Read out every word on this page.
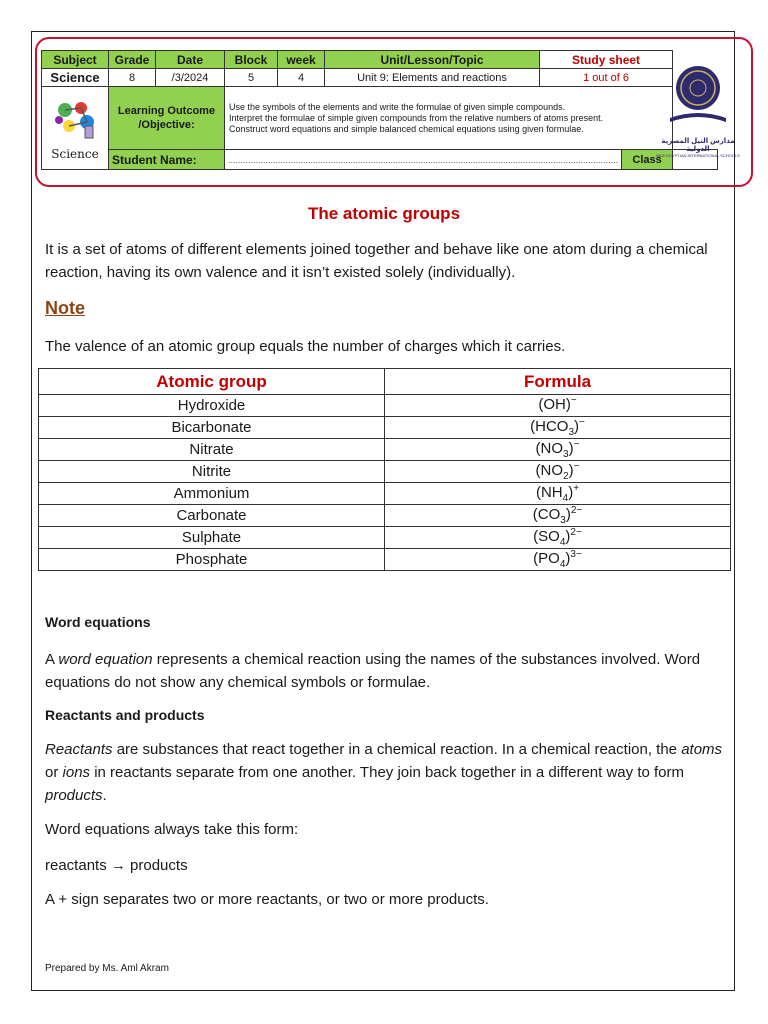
Subject	Grade	Date	Block	week	Unit/Lesson/Topic	Study sheet		
Science	8	/3/2024	5	4	Unit 9: Elements and reactions	1 out of 6		

Science	Learning Outcome /Objective:		Use the symbols of the elements and write the formulae of given simple compounds.
Interpret the formulae of simple given compounds from the relative numbers of atoms present.
Construct word equations and simple balanced chemical equations using given formulae.					

	Student Name:		............................................................................................................................................................				Class	
مدارس النيل المصرية الدولية
NILE EGYPTIAN INTERNATIONAL SCHOOLS
The atomic groups

It is a set of atoms of different elements joined together and behave like one atom during a chemical reaction, having its own valence and it isn’t existed solely (individually).

Note

The valence of an atomic group equals the number of charges which it carries.

Atomic group	Formula
Hydroxide	(OH)−
Bicarbonate	$(HCO_3)^-$
Nitrate	$(NO_3)^-$
Nitrite	$(NO_2)^-$
Ammonium	$(NH_4)^+$
Carbonate	$(CO_3)^{2-}$
Sulphate	$(SO_4)^{2-}$
Phosphate	$(PO_4)^{3-}$

Word equations

A word equation represents a chemical reaction using the names of the substances involved. Word equations do not show any chemical symbols or formulae.

Reactants and products

Reactants are substances that react together in a chemical reaction. In a chemical reaction, the atoms or ions in reactants separate from one another. They join back together in a different way to form products.

Word equations always take this form:

reactants → products

A + sign separates two or more reactants, or two or more products.

Prepared by Ms. Aml Akram
